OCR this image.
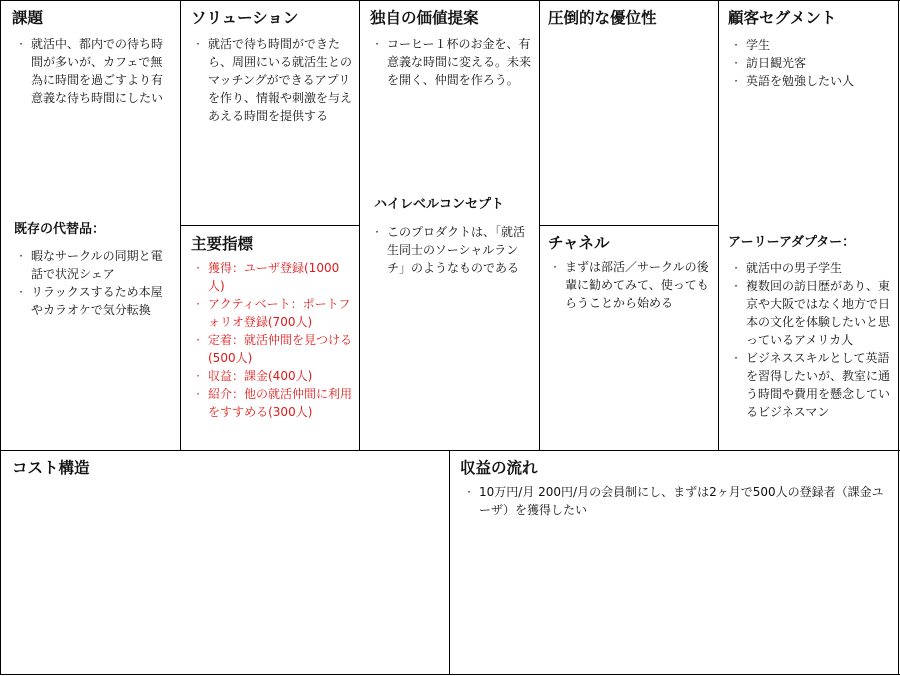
課題
· 就活中、都内での待ち時間が多いが、カフェで無為に時間を過ごすより有意義な待ち時間にしたい
既存の代替品：
· 暇なサークルの同期と電話で状況シェア
· リラックスするため本屋やカラオケで気分転換
ソリューション
· 就活で待ち時間ができたら、周囲にいる就活生とのマッチングができるアプリを作り、情報や刺激を与えあえる時間を提供する
主要指標
· 獲得：ユーザ登録(1000人)
· アクティベート：ポートフォリオ登録(700人)
· 定着：就活仲間を見つける(500人)
· 収益：課金(400人)
· 紹介：他の就活仲間に利用をすすめる(300人)
独自の価値提案
· コーヒー１杯のお金を、有意義な時間に変える。未来を開く、仲間を作ろう。
ハイレベルコンセプト
· このプロダクトは、「就活生同士のソーシャルランチ」のようなものである
圧倒的な優位性
チャネル
· まずは部活／サークルの後輩に勧めてみて、使ってもらうことから始める
顧客セグメント
· 学生
· 訪日観光客
· 英語を勉強したい人
アーリーアダプター：
· 就活中の男子学生
· 複数回の訪日歴があり、東京や大阪ではなく地方で日本の文化を体験したいと思っているアメリカ人
· ビジネススキルとして英語を習得したいが、教室に通う時間や費用を懸念しているビジネスマン
コスト構造	収益の流れ
· 10万円/月 200円/月の会員制にし、まずは2ヶ月で500人の登録者（課金ユーザ）を獲得したい
